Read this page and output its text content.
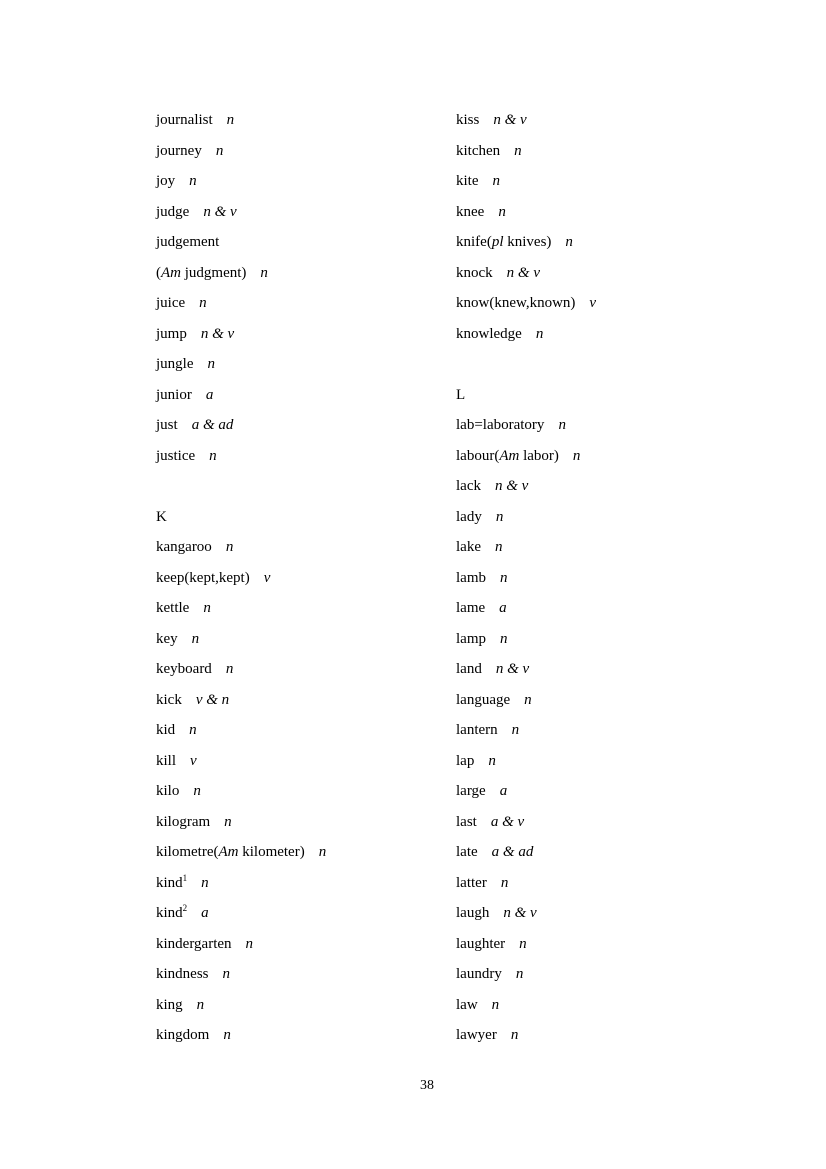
journalist n
journey n
joy n
judge n & v
judgement
(Am judgment) n
juice n
jump n & v
jungle n
junior a
just a & ad
justice n
K
kangaroo n
keep(kept,kept) v
kettle n
key n
keyboard n
kick v & n
kid n
kill v
kilo n
kilogram n
kilometre(Am kilometer) n
kind$^1$ n
kind$^2$ a
kindergarten n
kindness n
king n
kingdom n
kiss n & v
kitchen n
kite n
knee n
knife(pl knives) n
knock n & v
know(knew,known) v
knowledge n
L
lab=laboratory n
labour(Am labor) n
lack n & v
lady n
lake n
lamb n
lame a
lamp n
land n & v
language n
lantern n
lap n
large a
last a & v
late a & ad
latter n
laugh n & v
laughter n
laundry n
law n
lawyer n
38
